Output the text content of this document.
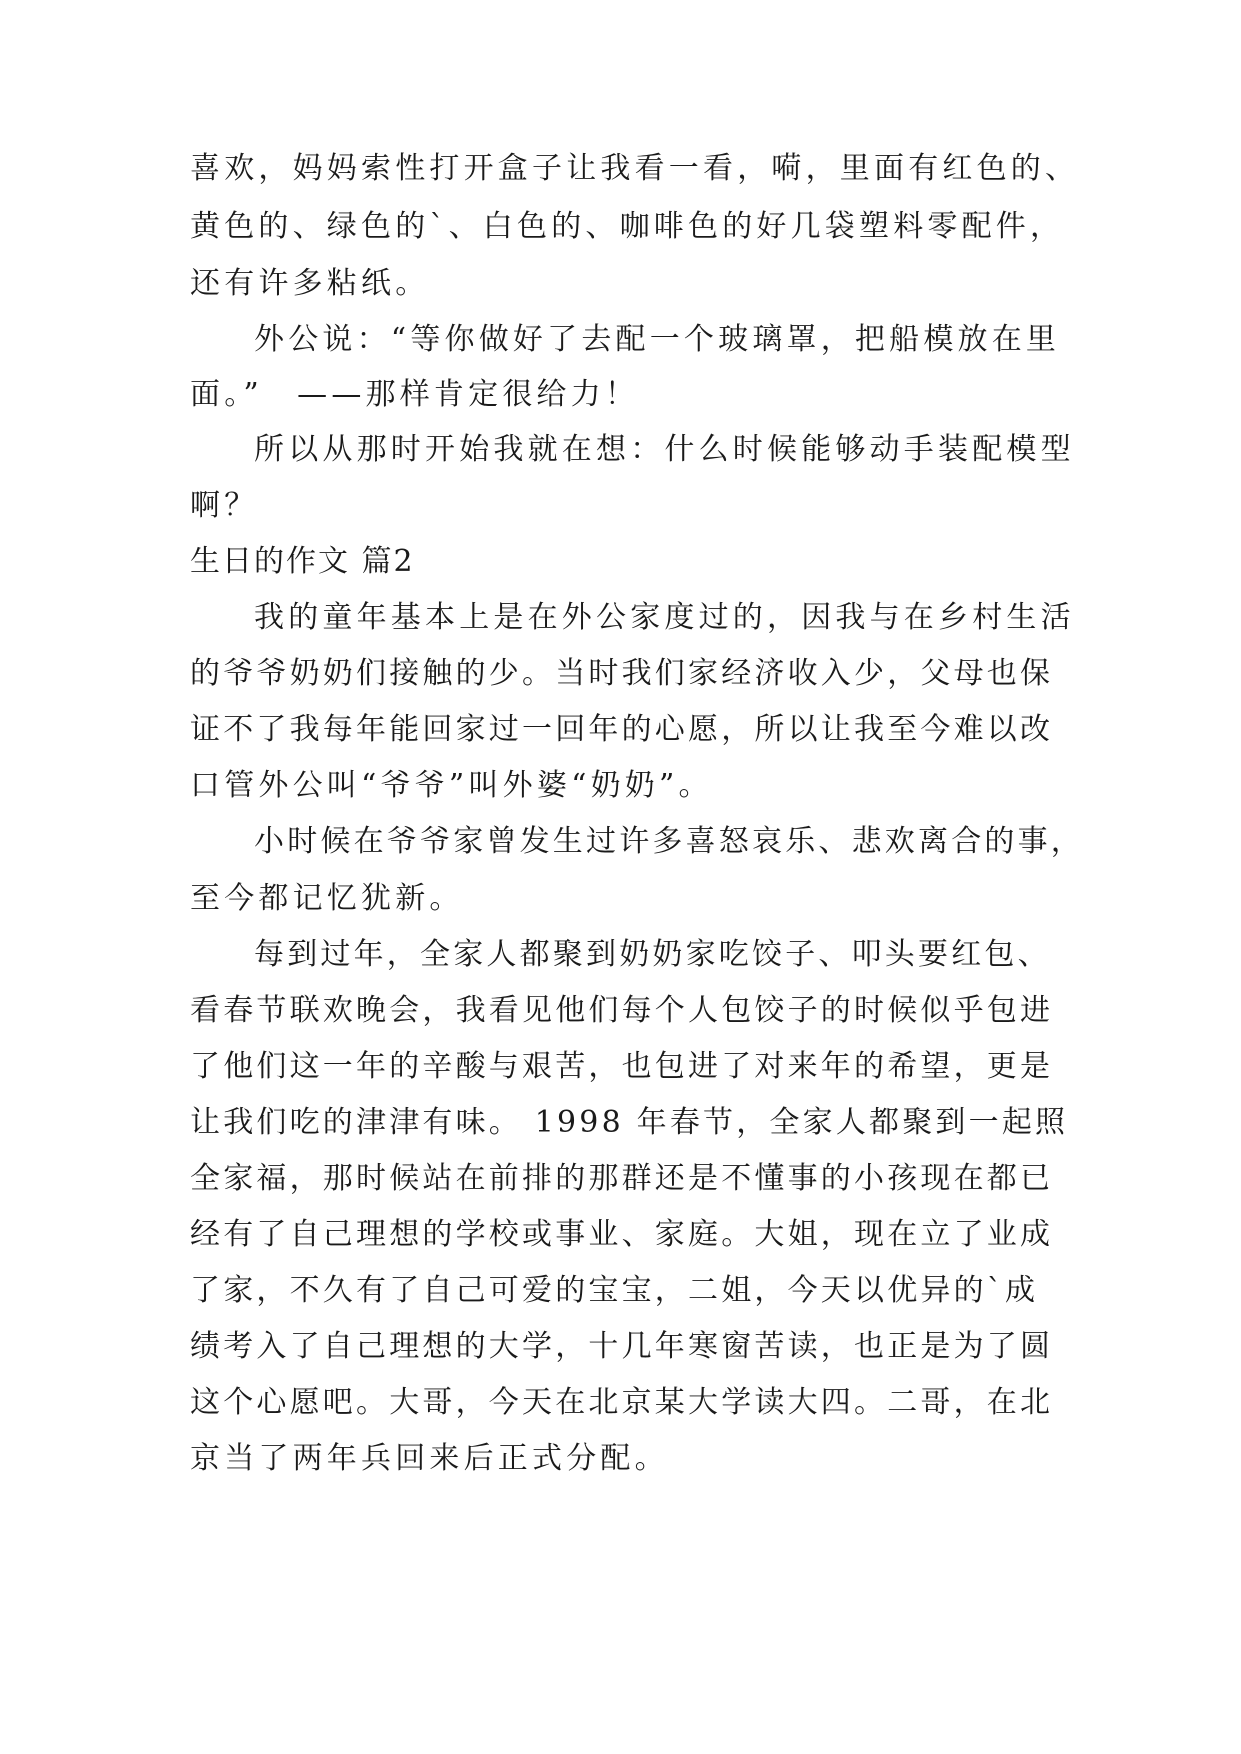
喜欢，妈妈索性打开盒子让我看一看，嗬，里面有红色的、
黄色的、绿色的`、白色的、咖啡色的好几袋塑料零配件，
还有许多粘纸。
外公说：“等你做好了去配一个玻璃罩，把船模放在里
面。”　——那样肯定很给力！
所以从那时开始我就在想：什么时候能够动手装配模型
啊？
生日的作文 篇2
我的童年基本上是在外公家度过的，因我与在乡村生活
的爷爷奶奶们接触的少。当时我们家经济收入少，父母也保
证不了我每年能回家过一回年的心愿，所以让我至今难以改
口管外公叫“爷爷”叫外婆“奶奶”。
小时候在爷爷家曾发生过许多喜怒哀乐、悲欢离合的事，
至今都记忆犹新。
每到过年，全家人都聚到奶奶家吃饺子、叩头要红包、
看春节联欢晚会，我看见他们每个人包饺子的时候似乎包进
了他们这一年的辛酸与艰苦，也包进了对来年的希望，更是
让我们吃的津津有味。 1998 年春节，全家人都聚到一起照
全家福，那时候站在前排的那群还是不懂事的小孩现在都已
经有了自己理想的学校或事业、家庭。大姐，现在立了业成
了家，不久有了自己可爱的宝宝，二姐，今天以优异的`成
绩考入了自己理想的大学，十几年寒窗苦读，也正是为了圆
这个心愿吧。大哥，今天在北京某大学读大四。二哥，在北
京当了两年兵回来后正式分配。
